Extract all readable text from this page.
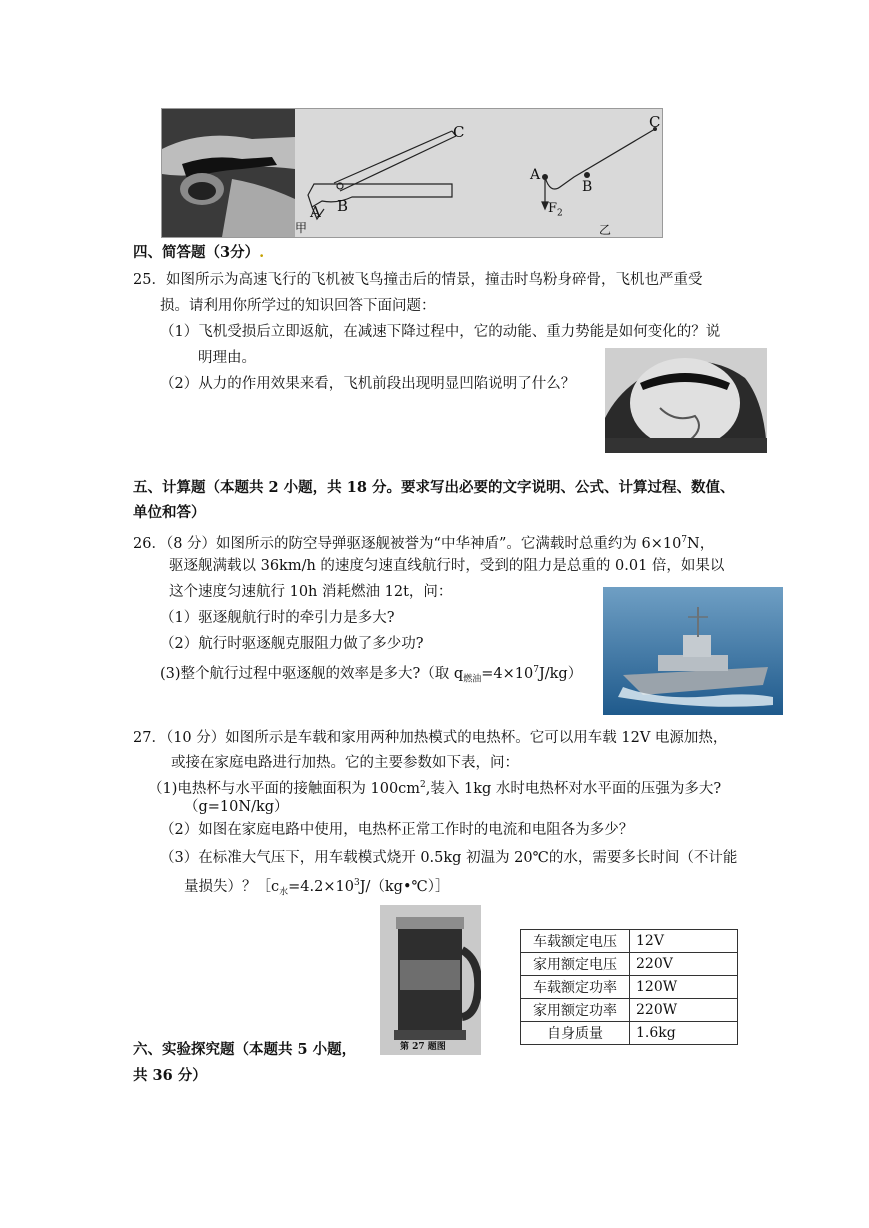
C
A B
甲
C
A
B
$F_2$
乙
四、简答题（3分）.
25．如图所示为高速飞行的飞机被飞鸟撞击后的情景，撞击时鸟粉身碎骨，飞机也严重受
损。请利用你所学过的知识回答下面问题：
（1）飞机受损后立即返航，在减速下降过程中，它的动能、重力势能是如何变化的？说
明理由。
（2）从力的作用效果来看，飞机前段出现明显凹陷说明了什么？
五、计算题（本题共 2 小题，共 18 分。要求写出必要的文字说明、公式、计算过程、数值、
单位和答）
26．（8 分）如图所示的防空导弹驱逐舰被誉为“中华神盾”。它满载时总重约为 $6\times 10^7N$，
驱逐舰满载以 36km/h 的速度匀速直线航行时，受到的阻力是总重的 0.01 倍，如果以
这个速度匀速航行 10h 消耗燃油 12t，问：
（1）驱逐舰航行时的牵引力是多大?
（2）航行时驱逐舰克服阻力做了多少功?
(3)整个航行过程中驱逐舰的效率是多大?（取 $q_{燃油}=4\times 10^7J/kg$）
27．（10 分）如图所示是车载和家用两种加热模式的电热杯。它可以用车载 12V 电源加热，
或接在家庭电路进行加热。它的主要参数如下表，问：
（1)电热杯与水平面的接触面积为 $100cm^2$,装入 1kg 水时电热杯对水平面的压强为多大?
（g=10N/kg）
（2）如图在家庭电路中使用，电热杯正常工作时的电流和电阻各为多少？
（3）在标准大气压下，用车载模式烧开 0.5kg 初温为 20℃的水，需要多长时间（不计能
量损失）？$[c_水=4.2\times 10^3J/(kg•℃)]$
第 27 题图
车载额定电压	12V
家用额定电压	220V
车载额定功率	120W
家用额定功率	220W
自身质量	1.6kg
六、实验探究题（本题共 5 小题，
共 36 分）
